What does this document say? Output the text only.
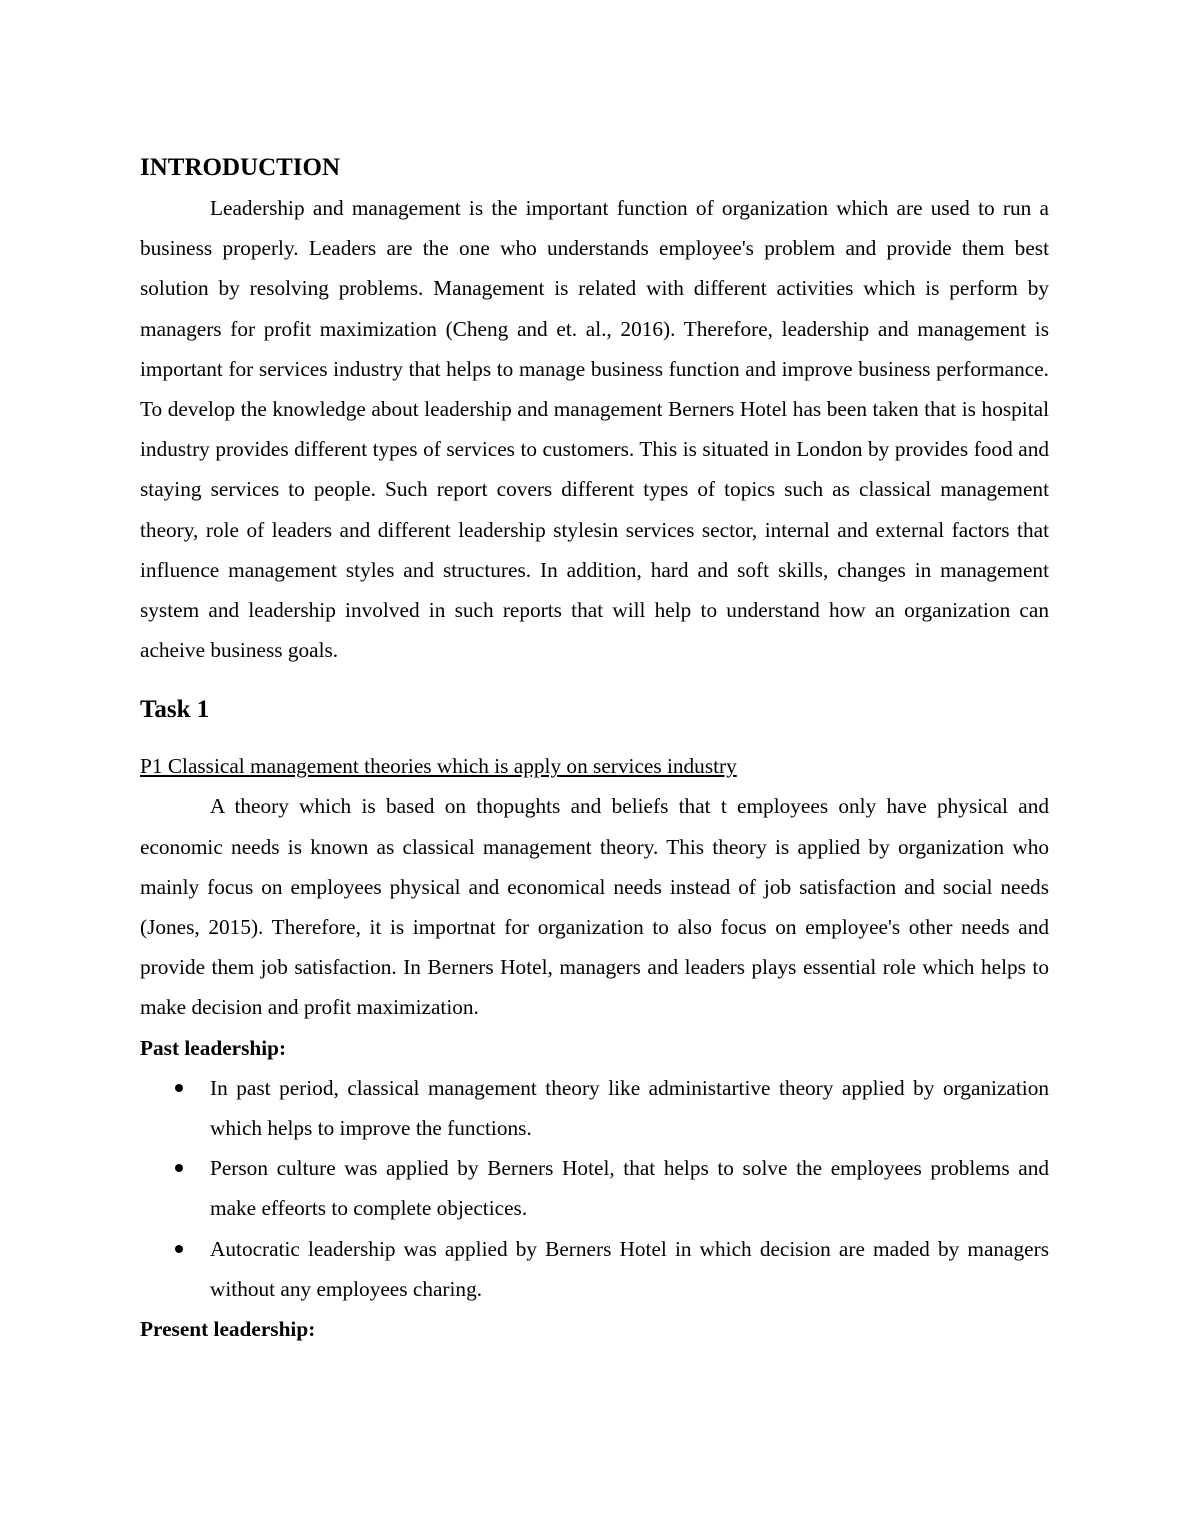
INTRODUCTION

Leadership and management is the important function of organization which are used to run a business properly. Leaders are the one who understands employee's problem and provide them best solution by resolving problems. Management is related with different activities which is perform by managers for profit maximization (Cheng and et. al., 2016). Therefore, leadership and management is important for services industry that helps to manage business function and improve business performance. To develop the knowledge about leadership and management Berners Hotel has been taken that is hospital industry provides different types of services to customers. This is situated in London by provides food and staying services to people. Such report covers different types of topics such as classical management theory, role of leaders and different leadership stylesin services sector, internal and external factors that influence management styles and structures. In addition, hard and soft skills, changes in management system and leadership involved in such reports that will help to understand how an organization can acheive business goals.

Task 1
P1 Classical management theories which is apply on services industry

A theory which is based on thopughts and beliefs that t employees only have physical and economic needs is known as classical management theory. This theory is applied by organization who mainly focus on employees physical and economical needs instead of job satisfaction and social needs (Jones, 2015). Therefore, it is importnat for organization to also focus on employee's other needs and provide them job satisfaction. In Berners Hotel, managers and leaders plays essential role which helps to make decision and profit maximization.

Past leadership:
In past period, classical management theory like administartive theory applied by organization which helps to improve the functions.
Person culture was applied by Berners Hotel, that helps to solve the employees problems and make effeorts to complete objectices.
Autocratic leadership was applied by Berners Hotel in which decision are maded by managers without any employees charing.
Present leadership:
